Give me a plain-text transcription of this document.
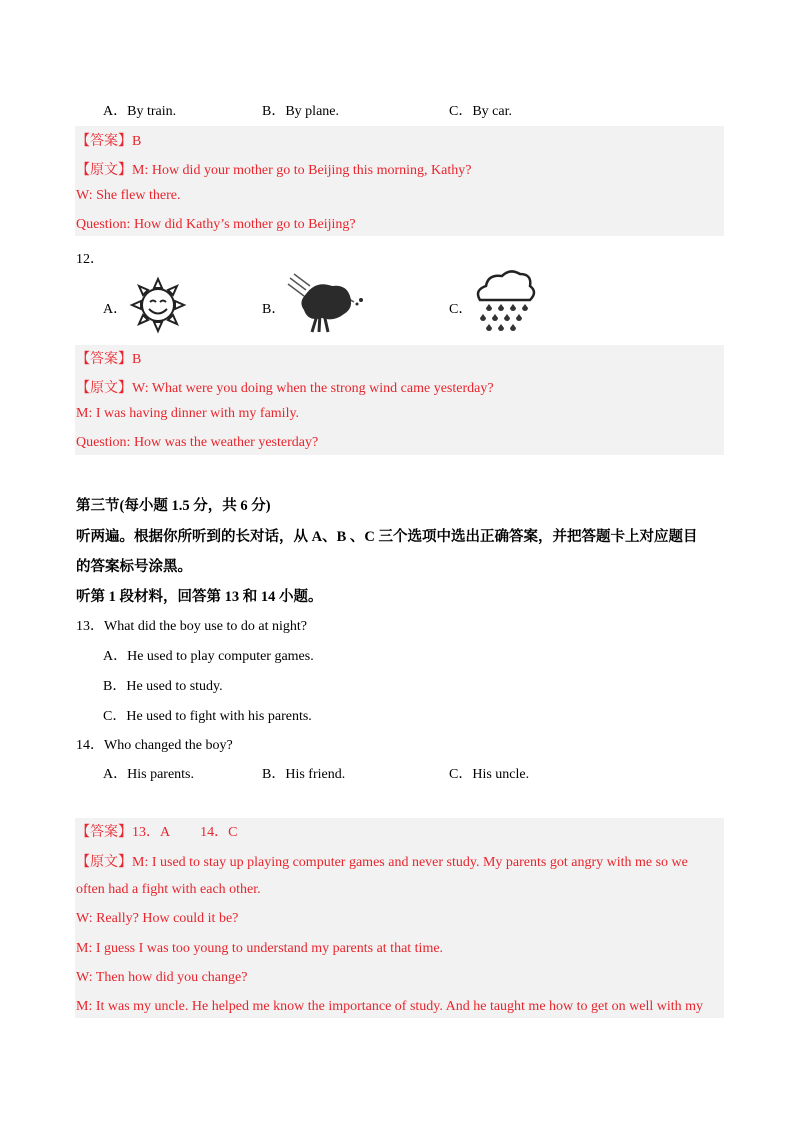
A．By train.	B．By plane.	C．By car.
【答案】B
【原文】M: How did your mother go to Beijing this morning, Kathy?
W: She flew there.
Question: How did Kathy’s mother go to Beijing?
12．
A．	B．	C．
【答案】B
【原文】W: What were you doing when the strong wind came yesterday?
M: I was having dinner with my family.
Question: How was the weather yesterday?
第三节(每小题 1.5 分，共 6 分)
听两遍。根据你所听到的长对话，从 A、B 、C 三个选项中选出正确答案，并把答题卡上对应题目
的答案标号涂黑。
听第 1 段材料，回答第 13 和 14 小题。
13．What did the boy use to do at night?
A．He used to play computer games.
B．He used to study.
C．He used to fight with his parents.
14．Who changed the boy?
A．His parents.	B．His friend.	C．His uncle.
【答案】13．A 14．C
【原文】M: I used to stay up playing computer games and never study. My parents got angry with me so we
often had a fight with each other.
W: Really? How could it be?
M: I guess I was too young to understand my parents at that time.
W: Then how did you change?
M: It was my uncle. He helped me know the importance of study. And he taught me how to get on well with my
